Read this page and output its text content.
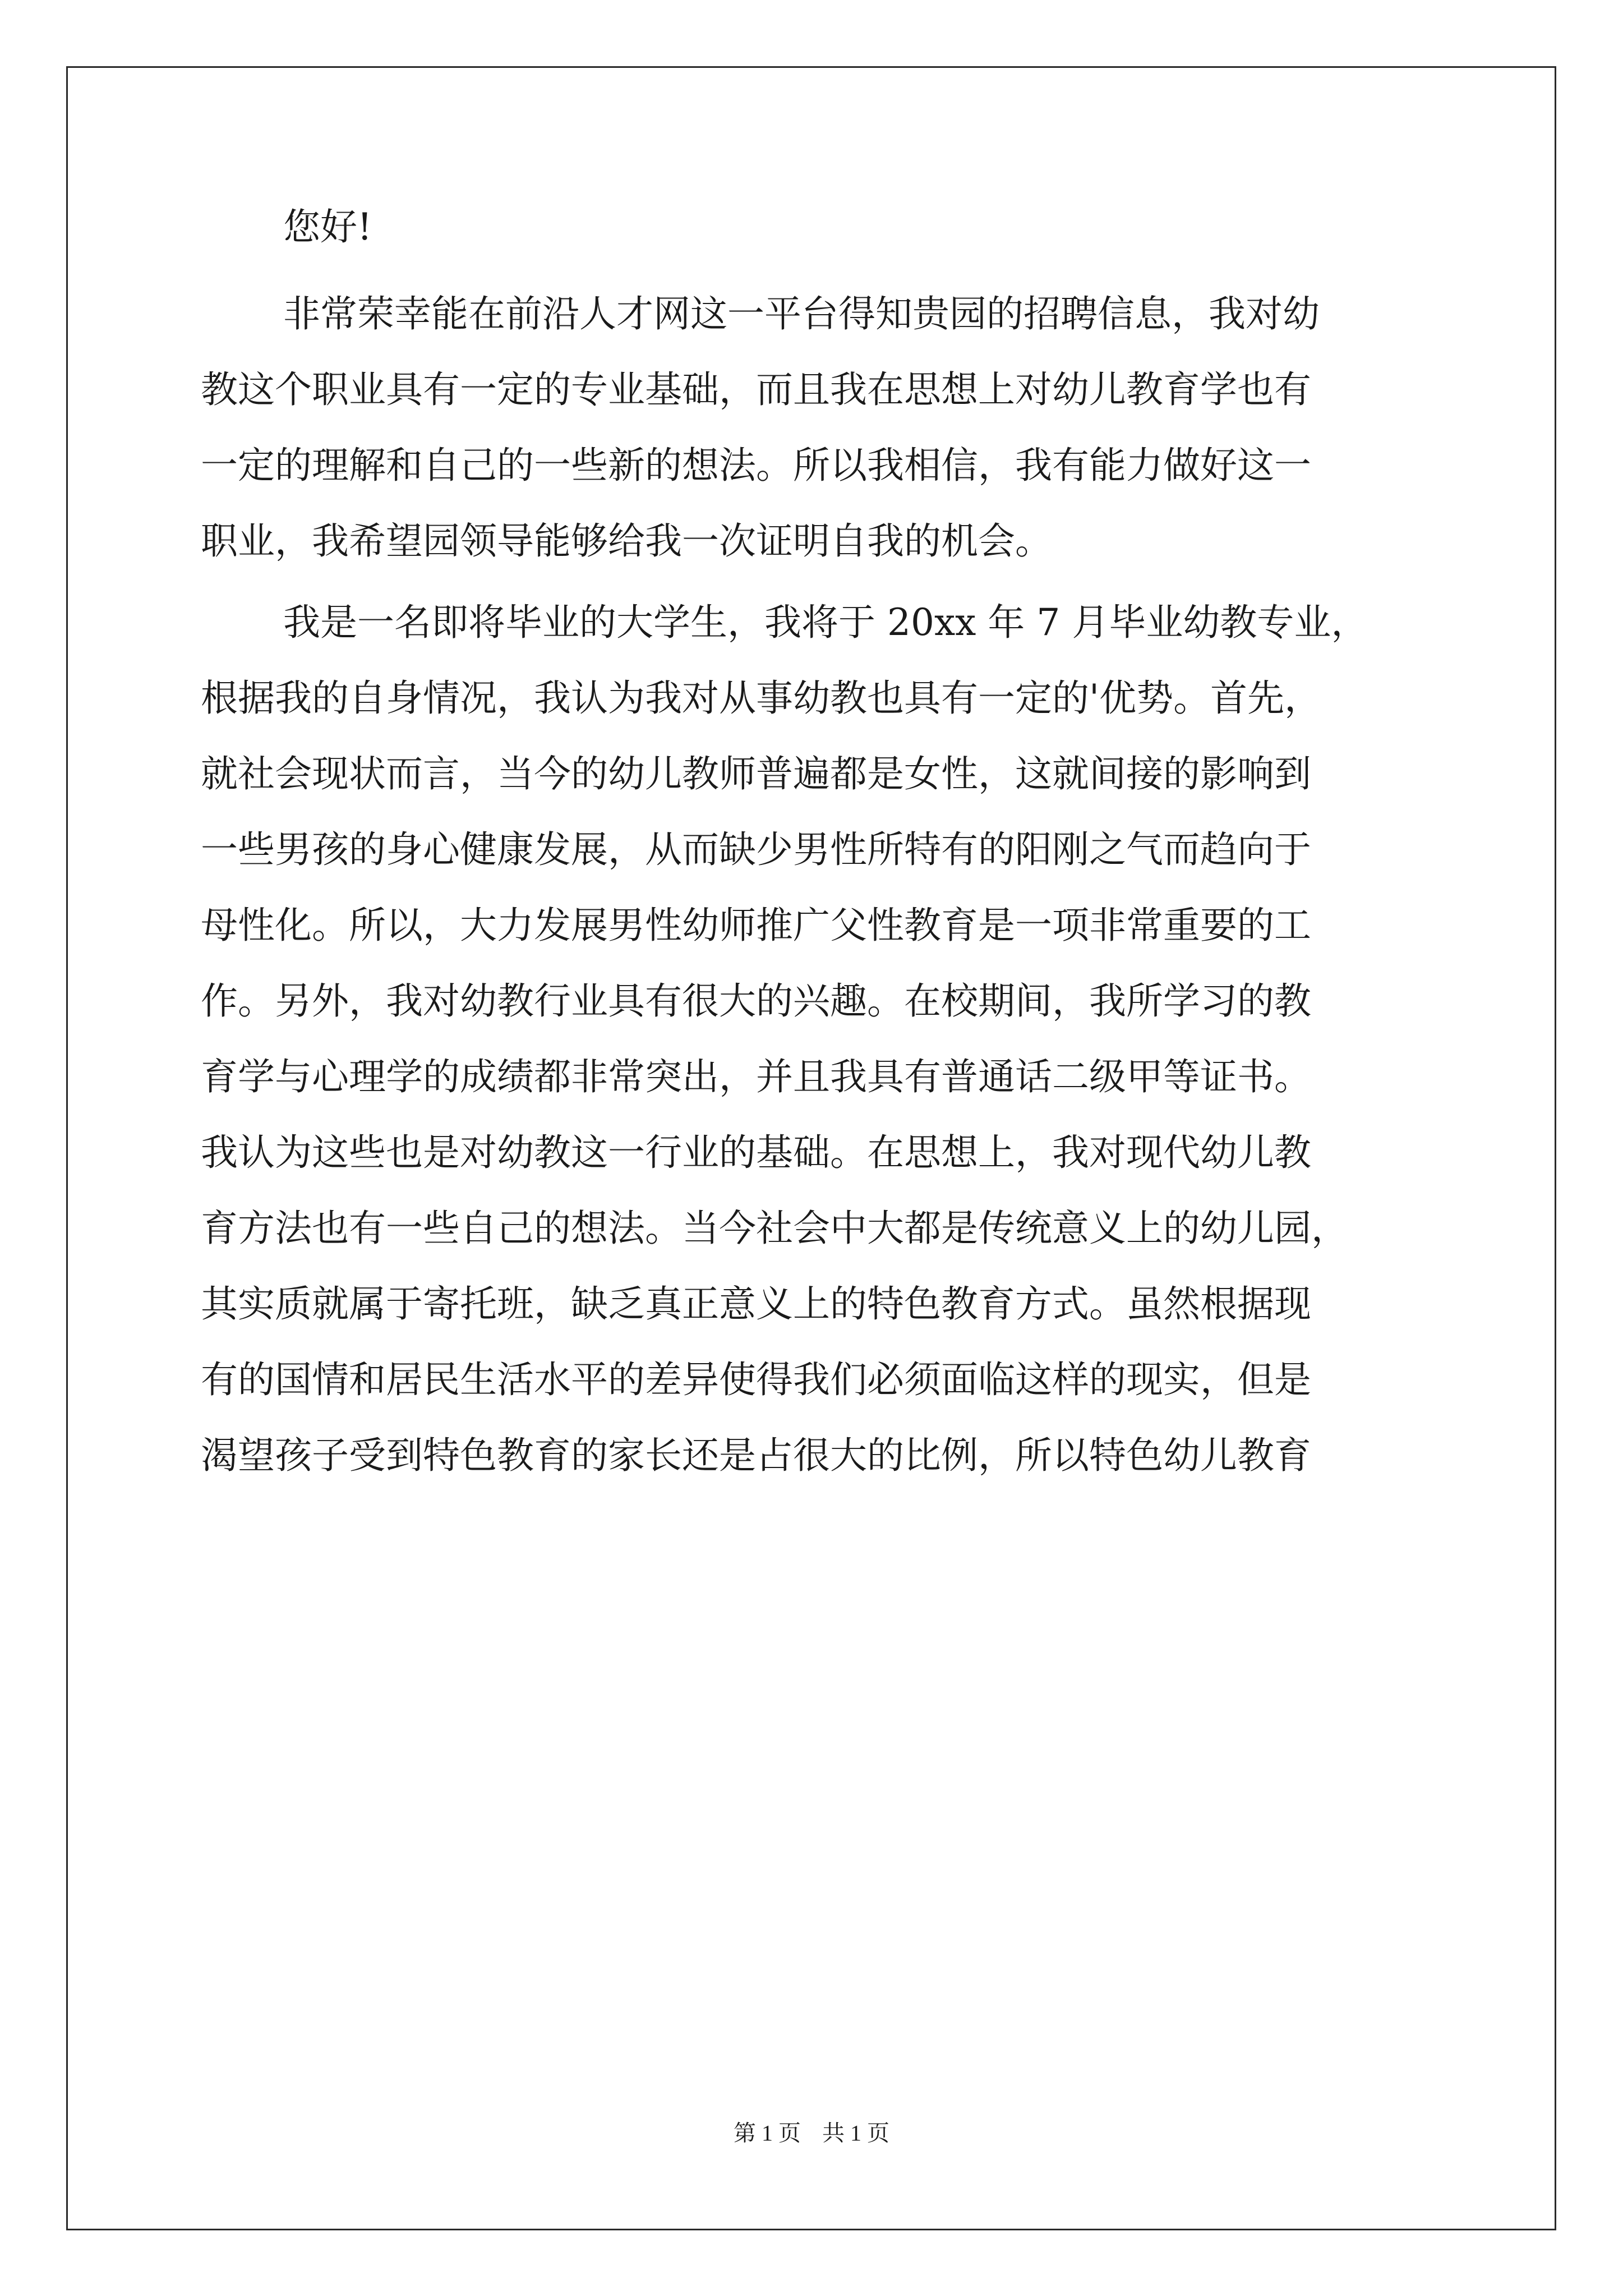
您好!
非常荣幸能在前沿人才网这一平台得知贵园的招聘信息，我对幼
教这个职业具有一定的专业基础，而且我在思想上对幼儿教育学也有
一定的理解和自己的一些新的想法。所以我相信，我有能力做好这一
职业，我希望园领导能够给我一次证明自我的机会。
我是一名即将毕业的大学生，我将于 20xx 年 7 月毕业幼教专业，
根据我的自身情况，我认为我对从事幼教也具有一定的'优势。首先，
就社会现状而言，当今的幼儿教师普遍都是女性，这就间接的影响到
一些男孩的身心健康发展，从而缺少男性所特有的阳刚之气而趋向于
母性化。所以，大力发展男性幼师推广父性教育是一项非常重要的工
作。另外，我对幼教行业具有很大的兴趣。在校期间，我所学习的教
育学与心理学的成绩都非常突出，并且我具有普通话二级甲等证书。
我认为这些也是对幼教这一行业的基础。在思想上，我对现代幼儿教
育方法也有一些自己的想法。当今社会中大都是传统意义上的幼儿园，
其实质就属于寄托班，缺乏真正意义上的特色教育方式。虽然根据现
有的国情和居民生活水平的差异使得我们必须面临这样的现实，但是
渴望孩子受到特色教育的家长还是占很大的比例，所以特色幼儿教育
第 1 页 共 1 页
